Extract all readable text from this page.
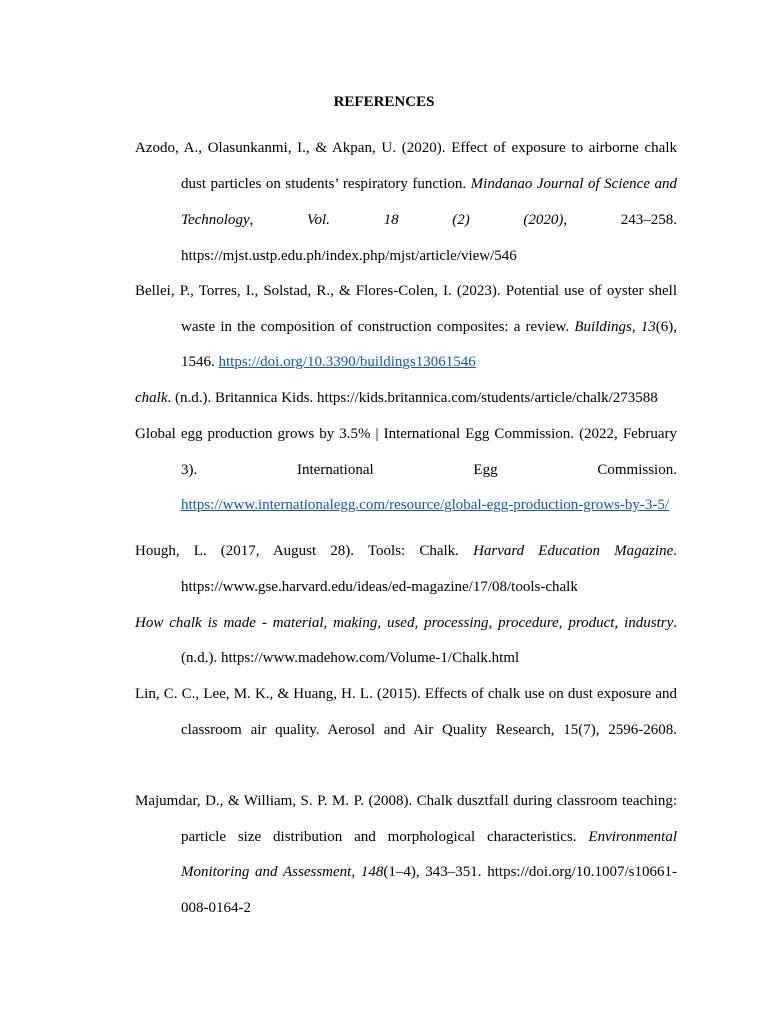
REFERENCES
Azodo, A., Olasunkanmi, I., & Akpan, U. (2020). Effect of exposure to airborne chalk
dust particles on students’ respiratory function. Mindanao Journal of Science and
Technology,	Vol.	18	(2)	(2020),	243–258.
https://mjst.ustp.edu.ph/index.php/mjst/article/view/546
Bellei, P., Torres, I., Solstad, R., & Flores-Colen, I. (2023). Potential use of oyster shell
waste in the composition of construction composites: a review. Buildings, 13(6),
1546. https://doi.org/10.3390/buildings13061546
chalk. (n.d.). Britannica Kids. https://kids.britannica.com/students/article/chalk/273588
Global egg production grows by 3.5% | International Egg Commission. (2022, February
3).	International	Egg	Commission.
https://www.internationalegg.com/resource/global-egg-production-grows-by-3-5/
Hough, L. (2017, August 28). Tools: Chalk. Harvard Education Magazine.
https://www.gse.harvard.edu/ideas/ed-magazine/17/08/tools-chalk
How chalk is made - material, making, used, processing, procedure, product, industry.
(n.d.). https://www.madehow.com/Volume-1/Chalk.html
Lin, C. C., Lee, M. K., & Huang, H. L. (2015). Effects of chalk use on dust exposure and
classroom air quality. Aerosol and Air Quality Research, 15(7), 2596-2608.
Majumdar, D., & William, S. P. M. P. (2008). Chalk dusztfall during classroom teaching:
particle size distribution and morphological characteristics. Environmental
Monitoring and Assessment, 148(1–4), 343–351. https://doi.org/10.1007/s10661-
008-0164-2
